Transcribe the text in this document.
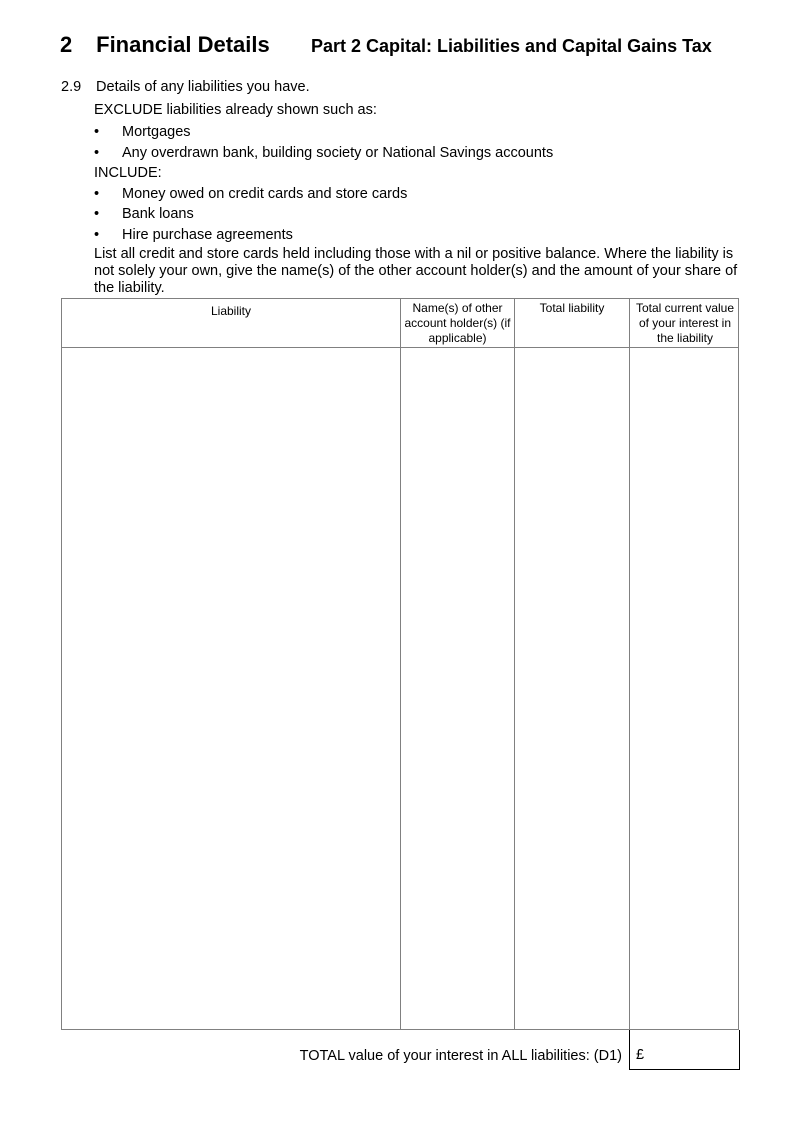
2 Financial Details Part 2 Capital: Liabilities and Capital Gains Tax
2.9 Details of any liabilities you have.
EXCLUDE liabilities already shown such as:
• Mortgages
• Any overdrawn bank, building society or National Savings accounts
INCLUDE:
• Money owed on credit cards and store cards
• Bank loans
• Hire purchase agreements
List all credit and store cards held including those with a nil or positive balance. Where the liability is not solely your own, give the name(s) of the other account holder(s) and the amount of your share of the liability.
Liability	Name(s) of other account holder(s) (if applicable)
Total liability	Total current value of your interest in the liability
TOTAL value of your interest in ALL liabilities: (D1) £
